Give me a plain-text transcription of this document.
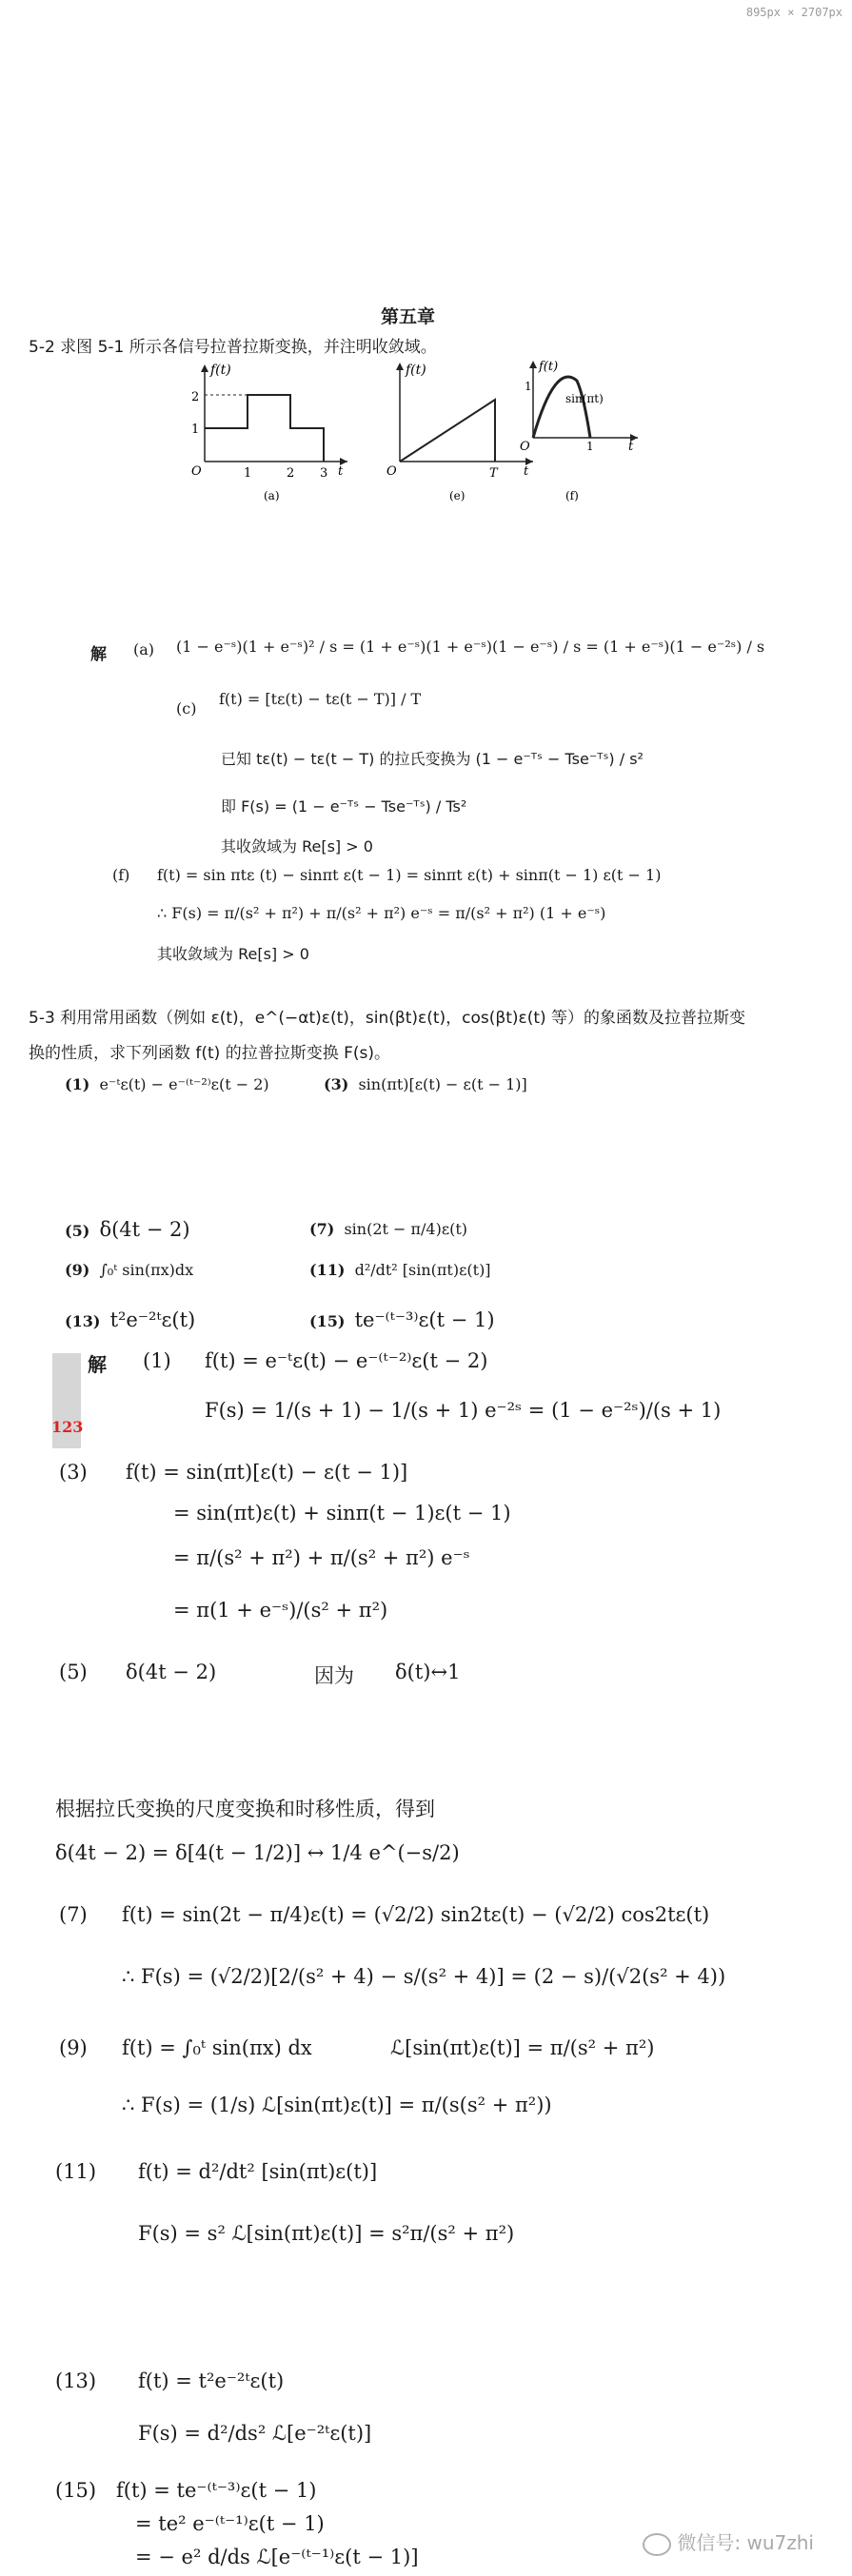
895px × 2707px
第五章
5-2 求图 5-1 所示各信号拉普拉斯变换，并注明收敛域。
f(t)
2
1
O	1	2 3 t
(a)
f(t)
O	T t
(e)
f(t)
1
sin(πt)
O	1	t
(f)
解 (a) (1 − e⁻ˢ)(1 + e⁻ˢ)² / s = (1 + e⁻ˢ)(1 + e⁻ˢ)(1 − e⁻ˢ) / s = (1 + e⁻ˢ)(1 − e⁻²ˢ) / s
(c)
f(t) = [tε(t) − tε(t − T)] / T
已知 tε(t) − tε(t − T) 的拉氏变换为 (1 − e⁻ᵀˢ − Tse⁻ᵀˢ) / s²
即 F(s) = (1 − e⁻ᵀˢ − Tse⁻ᵀˢ) / Ts²
其收敛域为 Re[s] > 0
(f) f(t) = sin πtε (t) − sinπt ε(t − 1) = sinπt ε(t) + sinπ(t − 1) ε(t − 1)
∴ F(s) = π/(s² + π²) + π/(s² + π²) e⁻ˢ = π/(s² + π²) (1 + e⁻ˢ)
其收敛域为 Re[s] > 0
5-3 利用常用函数（例如 ε(t)，e^(−αt)ε(t)，sin(βt)ε(t)，cos(βt)ε(t) 等）的象函数及拉普拉斯变
换的性质，求下列函数 f(t) 的拉普拉斯变换 F(s)。
(1) e⁻ᵗε(t) − e⁻⁽ᵗ⁻²⁾ε(t − 2)	(3) sin(πt)[ε(t) − ε(t − 1)]
(5) δ(4t − 2)	(7) sin(2t − π/4)ε(t)
(9) ∫₀ᵗ sin(πx)dx	(11) d²/dt² [sin(πt)ε(t)]
(13) t²e⁻²ᵗε(t)	(15) te⁻⁽ᵗ⁻³⁾ε(t − 1)
123
解 (1) f(t) = e⁻ᵗε(t) − e⁻⁽ᵗ⁻²⁾ε(t − 2)
F(s) = 1/(s + 1) − 1/(s + 1) e⁻²ˢ = (1 − e⁻²ˢ)/(s + 1)
(3) f(t) = sin(πt)[ε(t) − ε(t − 1)]
= sin(πt)ε(t) + sinπ(t − 1)ε(t − 1)
= π/(s² + π²) + π/(s² + π²) e⁻ˢ
= π(1 + e⁻ˢ)/(s² + π²)
(5) δ(4t − 2)	因为 δ(t)↔1
根据拉氏变换的尺度变换和时移性质，得到
δ(4t − 2) = δ[4(t − 1/2)] ↔ 1/4 e^(−s/2)
(7) f(t) = sin(2t − π/4)ε(t) = (√2/2) sin2tε(t) − (√2/2) cos2tε(t)
∴ F(s) = (√2/2)[2/(s² + 4) − s/(s² + 4)] = (2 − s)/(√2(s² + 4))
(9) f(t) = ∫₀ᵗ sin(πx) dx	ℒ[sin(πt)ε(t)] = π/(s² + π²)
∴ F(s) = (1/s) ℒ[sin(πt)ε(t)] = π/(s(s² + π²))
(11) f(t) = d²/dt² [sin(πt)ε(t)]
F(s) = s² ℒ[sin(πt)ε(t)] = s²π/(s² + π²)
(13) f(t) = t²e⁻²ᵗε(t)
F(s) = d²/ds² ℒ[e⁻²ᵗε(t)]
(15) f(t) = te⁻⁽ᵗ⁻³⁾ε(t − 1)
= te² e⁻⁽ᵗ⁻¹⁾ε(t − 1)
= − e² d/ds ℒ[e⁻⁽ᵗ⁻¹⁾ε(t − 1)]
微信号: wu7zhi
